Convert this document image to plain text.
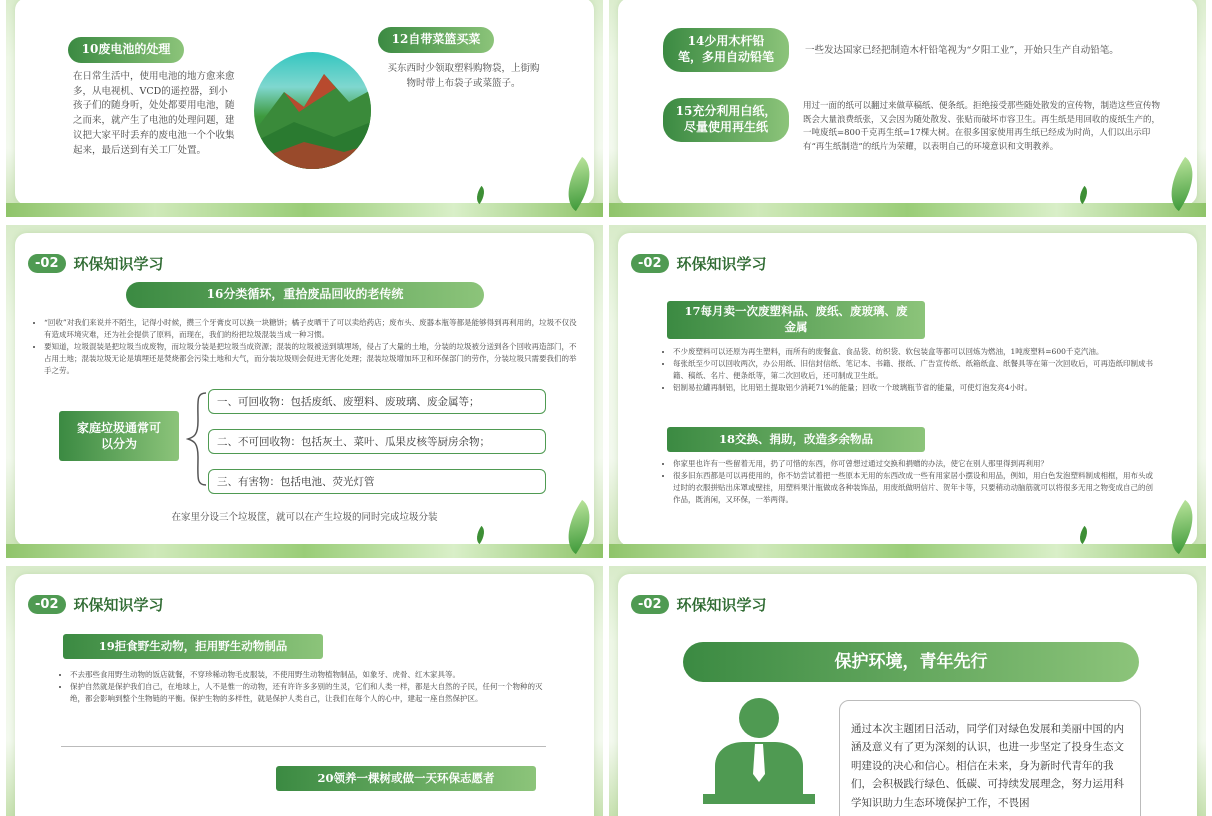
10废电池的处理
在日常生活中，使用电池的地方愈来愈多，从电视机、VCD的遥控器，到小孩子们的随身听，处处都要用电池，随之而来，就产生了电池的处理问题，建议把大家平时丢弃的废电池一个个收集起来，最后送到有关工厂处置。
12自带菜篮买菜
买东西时少领取塑料购物袋，上街购物时带上布袋子或菜篮子。
14少用木杆铅笔，多用自动铅笔	一些发达国家已经把制造木杆铅笔视为“夕阳工业”，开始只生产自动铅笔。
15充分利用白纸，尽量使用再生纸
用过一面的纸可以翻过来做草稿纸、便条纸。拒绝接受那些随处散发的宣传物，制造这些宣传物既会大量浪费纸张，又会因为随处散发、张贴而破坏市容卫生。再生纸是用回收的废纸生产的，一吨废纸=800千克再生纸=17棵大树。在很多国家使用再生纸已经成为时尚，人们以出示印有“再生纸制造”的纸片为荣耀，以表明自己的环境意识和文明教养。
-02	环保知识学习
16分类循环，重拾废品回收的老传统
• “回收”对我们来说并不陌生，记得小时候，攒三个牙膏皮可以换一块糖饼；橘子皮晒干了可以卖给药店；废布头、废器本瓶等都是能够得到再利用的，垃圾不仅没有造成环境灾难，还为社会提供了原料，而现在，我们的纷把垃圾混装当成一种习惯。
• 要知道，垃圾混装是把垃圾当成废物，而垃圾分装是把垃圾当成资源；混装的垃圾被送到填埋场，侵占了大量的土地，分装的垃圾被分送到各个回收再造部门，不占用土地；混装垃圾无论是填埋还是焚烧都会污染土地和大气，而分装垃圾则会促进无害化处理；混装垃圾增加环卫和环保部门的劳作，分装垃圾只需要我们的举手之劳。
家庭垃圾通常可以分为
一、可回收物：包括废纸、废塑料、废玻璃、废金属等；
二、不可回收物：包括灰土、菜叶、瓜果皮核等厨房余物；
三、有害物：包括电池、荧光灯管
在家里分设三个垃圾筐，就可以在产生垃圾的同时完成垃圾分装
-02	环保知识学习
17每月卖一次废塑料品、废纸、废玻璃、废金属
• 不少废塑料可以还原为再生塑料，而所有的废餐盒、食品袋、纺织袋、软包装盒等都可以回炼为燃油，1吨废塑料=600千克汽油。
• 每张纸至少可以回收两次，办公用纸、旧信封信纸、笔记本、书籍、报纸、广告宣传纸、纸箱纸盒、纸餐具等在第一次回收后，可再造纸印制成书籍、稿纸、名片、便条纸等，第二次回收后，还可制成卫生纸。
• 铝制易拉罐再制铝，比用铝土提取铝少消耗71%的能量；回收一个玻璃瓶节省的能量，可使灯泡发亮4小时。
18交换、捐助，改造多余物品
• 你家里也许有一些留着无用，扔了可惜的东西，你可曾想过通过交换和捐赠的办法，使它在别人那里得到再利用？
• 很多旧东西都是可以再使用的，你不妨尝试着把一些原本无用的东西改成一些有用家居小摆设和用品，例如，用白色发泡塑料制成相框，用布头或过时的衣服拼贴出床罩或壁挂，用塑料果汁瓶做成各种装饰品，用废纸做明信片、贺年卡等，只要稍动动脑筋就可以将很多无用之物变成自己的创作品，既消闲，又环保，一举两得。
-02	环保知识学习
19拒食野生动物，拒用野生动物制品
• 不去那些食用野生动物的饭店就餐，不穿珍稀动物毛皮服装，不使用野生动物植物制品，如象牙、虎骨、红木家具等。
• 保护自然就是保护我们自己，在地球上，人不是惟一的动物，还有许许多多别的生灵，它们和人类一样，都是大自然的子民，任何一个物种的灭绝，都会影响到整个生物链的平衡。保护生物的多样性，就是保护人类自己，让我们在每个人的心中，建起一座自然保护区。
20领养一棵树或做一天环保志愿者
-02	环保知识学习
保护环境，青年先行
通过本次主题团日活动，同学们对绿色发展和美丽中国的内涵及意义有了更为深刻的认识，也进一步坚定了投身生态文明建设的决心和信心。相信在未来，身为新时代青年的我们，会积极践行绿色、低碳、可持续发展理念，努力运用科学知识助力生态环境保护工作，不畏困
